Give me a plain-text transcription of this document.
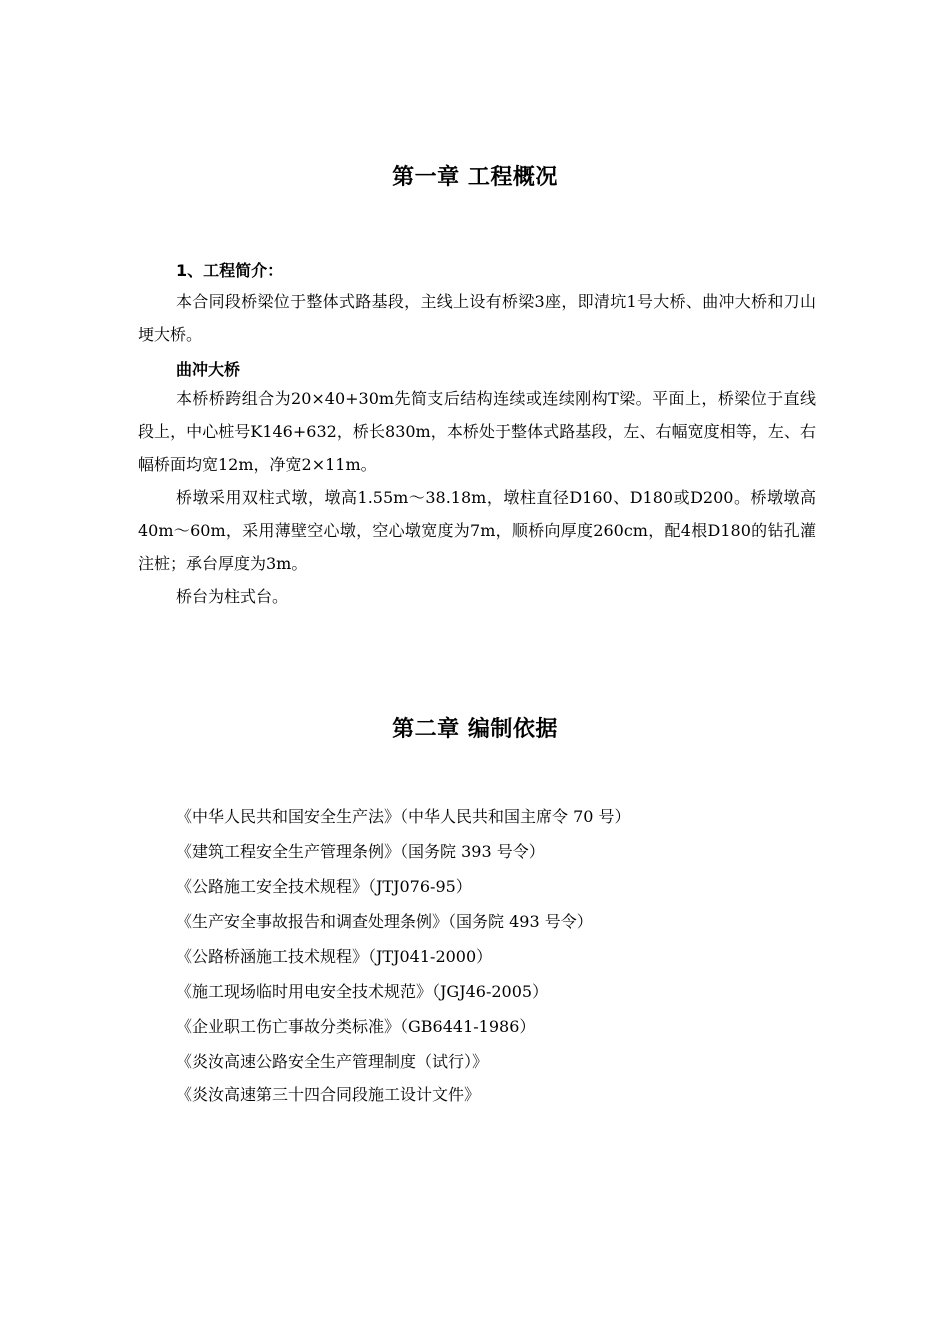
第一章 工程概况
1、工程简介：

本合同段桥梁位于整体式路基段，主线上设有桥梁3座，即清坑1号大桥、曲冲大桥和刀山埂大桥。

曲冲大桥

本桥桥跨组合为20×40+30m先简支后结构连续或连续刚构T梁。平面上，桥梁位于直线段上，中心桩号K146+632，桥长830m，本桥处于整体式路基段，左、右幅宽度相等，左、右幅桥面均宽12m，净宽2×11m。

桥墩采用双柱式墩，墩高1.55m～38.18m，墩柱直径D160、D180或D200。桥墩墩高40m～60m，采用薄壁空心墩，空心墩宽度为7m，顺桥向厚度260cm，配4根D180的钻孔灌注桩；承台厚度为3m。

桥台为柱式台。

第二章 编制依据
《中华人民共和国安全生产法》（中华人民共和国主席令 70 号）
《建筑工程安全生产管理条例》（国务院 393 号令）
《公路施工安全技术规程》（JTJ076-95）
《生产安全事故报告和调查处理条例》（国务院 493 号令）
《公路桥涵施工技术规程》（JTJ041-2000）
《施工现场临时用电安全技术规范》（JGJ46-2005）
《企业职工伤亡事故分类标准》（GB6441-1986）
《炎汝高速公路安全生产管理制度（试行）》
《炎汝高速第三十四合同段施工设计文件》
